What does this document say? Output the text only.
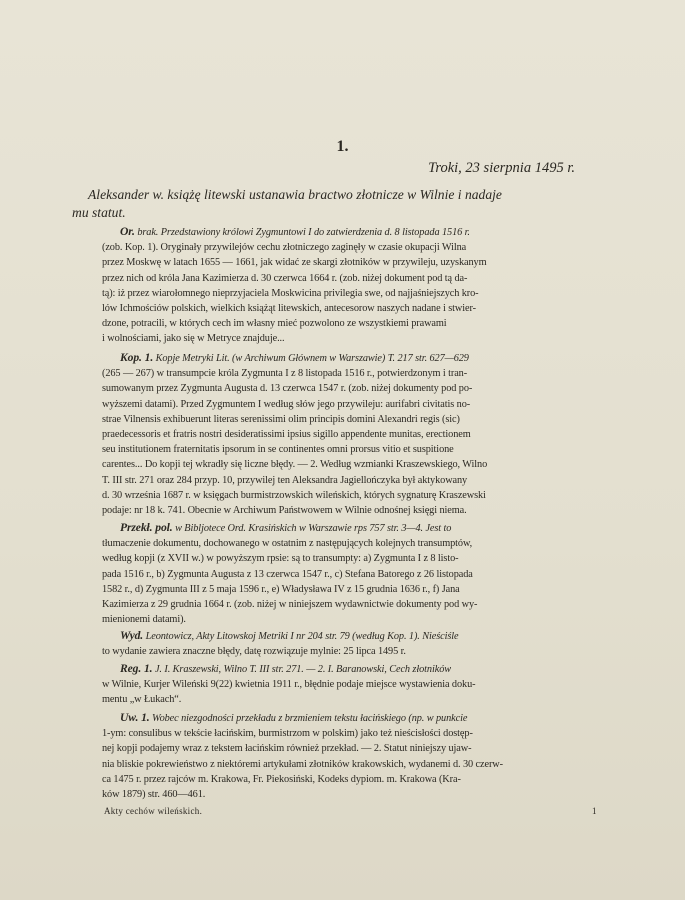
1.
Troki, 23 sierpnia 1495 r.
Aleksander w. książę litewski ustanawia bractwo złotnicze w Wilnie i nadaje
mu statut.
Or. brak. Przedstawiony królowi Zygmuntowi I do zatwierdzenia d. 8 listopada 1516 r.
(zob. Kop. 1). Oryginały przywilejów cechu złotniczego zaginęły w czasie okupacji Wilna
przez Moskwę w latach 1655 — 1661, jak widać ze skargi złotników w przywileju, uzyskanym
przez nich od króla Jana Kazimierza d. 30 czerwca 1664 r. (zob. niżej dokument pod tą da-
tą): iż przez wiarołomnego nieprzyjaciela Moskwicina privilegia swe, od najjaśniejszych kro-
lów Ichmościów polskich, wielkich książąt litewskich, antecesorow naszych nadane i stwier-
dzone, potracili, w których cech im własny mieć pozwolono ze wszystkiemi prawami
i wolnościami, jako się w Metryce znajduje...
Kop. 1. Kopje Metryki Lit. (w Archiwum Głównem w Warszawie) T. 217 str. 627—629
(265 — 267) w transumpcie króla Zygmunta I z 8 listopada 1516 r., potwierdzonym i tran-
sumowanym przez Zygmunta Augusta d. 13 czerwca 1547 r. (zob. niżej dokumenty pod po-
wyższemi datami). Przed Zygmuntem I według słów jego przywileju: aurifabri civitatis no-
strae Vilnensis exhibuerunt literas serenissimi olim principis domini Alexandri regis (sic)
praedecessoris et fratris nostri desideratissimi ipsius sigillo appendente munitas, erectionem
seu institutionem fraternitatis ipsorum in se continentes omni prorsus vitio et suspitione
carentes... Do kopji tej wkradły się liczne błędy. — 2. Według wzmianki Kraszewskiego, Wilno
T. III str. 271 oraz 284 przyp. 10, przywilej ten Aleksandra Jagiellończyka był aktykowany
d. 30 września 1687 r. w księgach burmistrzowskich wileńskich, których sygnaturę Kraszewski
podaje: nr 18 k. 741. Obecnie w Archiwum Państwowem w Wilnie odnośnej księgi niema.
Przekł. pol. w Bibljotece Ord. Krasińskich w Warszawie rps 757 str. 3—4. Jest to
tłumaczenie dokumentu, dochowanego w ostatnim z następujących kolejnych transumptów,
według kopji (z XVII w.) w powyższym rpsie: są to transumpty: a) Zygmunta I z 8 listo-
pada 1516 r., b) Zygmunta Augusta z 13 czerwca 1547 r., c) Stefana Batorego z 26 listopada
1582 r., d) Zygmunta III z 5 maja 1596 r., e) Władysława IV z 15 grudnia 1636 r., f) Jana
Kazimierza z 29 grudnia 1664 r. (zob. niżej w niniejszem wydawnictwie dokumenty pod wy-
mienionemi datami).
Wyd. Leontowicz, Akty Litowskoj Metriki I nr 204 str. 79 (według Kop. 1). Nieściśle
to wydanie zawiera znaczne błędy, datę rozwiązuje mylnie: 25 lipca 1495 r.
Reg. 1. J. I. Kraszewski, Wilno T. III str. 271. — 2. I. Baranowski, Cech złotników
w Wilnie, Kurjer Wileński 9(22) kwietnia 1911 r., błędnie podaje miejsce wystawienia doku-
mentu „w Łukach“.
Uw. 1. Wobec niezgodności przekładu z brzmieniem tekstu łacińskiego (np. w punkcie
1-ym: consulibus w tekście łacińskim, burmistrzom w polskim) jako też nieścisłości dostęp-
nej kopji podajemy wraz z tekstem łacińskim również przekład. — 2. Statut niniejszy ujaw-
nia bliskie pokrewieństwo z niektóremi artykułami złotników krakowskich, wydanemi d. 30 czerw-
ca 1475 r. przez rajców m. Krakowa, Fr. Piekosiński, Kodeks dypiom. m. Krakowa (Kra-
ków 1879) str. 460—461.
Akty cechów wileńskich.	1
